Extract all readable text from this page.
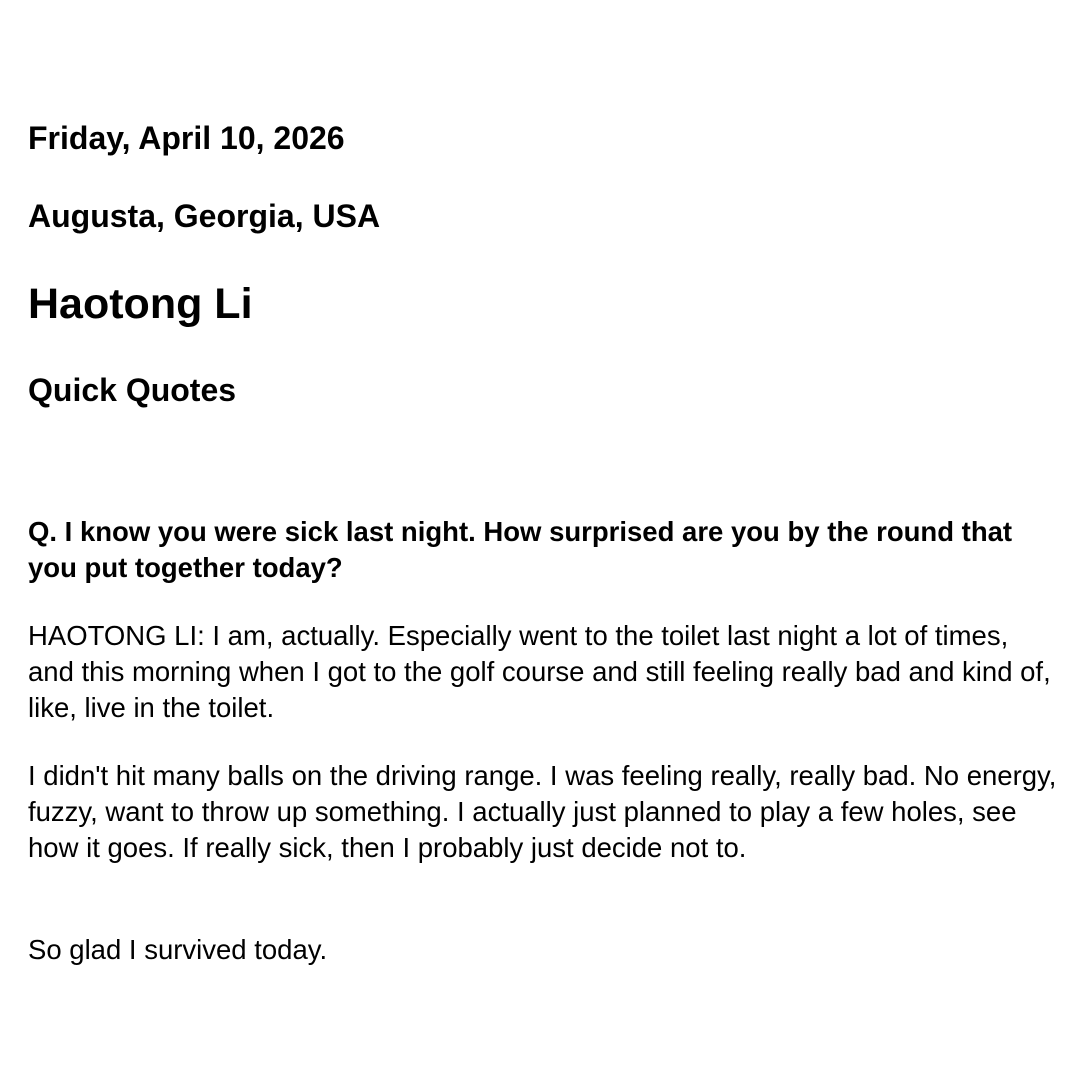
Friday, April 10, 2026
Augusta, Georgia, USA
Haotong Li
Quick Quotes

Q. I know you were sick last night. How surprised are you by the round that you put together today?

HAOTONG LI: I am, actually. Especially went to the toilet last night a lot of times, and this morning when I got to the golf course and still feeling really bad and kind of, like, live in the toilet.

I didn't hit many balls on the driving range. I was feeling really, really bad. No energy, fuzzy, want to throw up something. I actually just planned to play a few holes, see how it goes. If really sick, then I probably just decide not to.

So glad I survived today.
